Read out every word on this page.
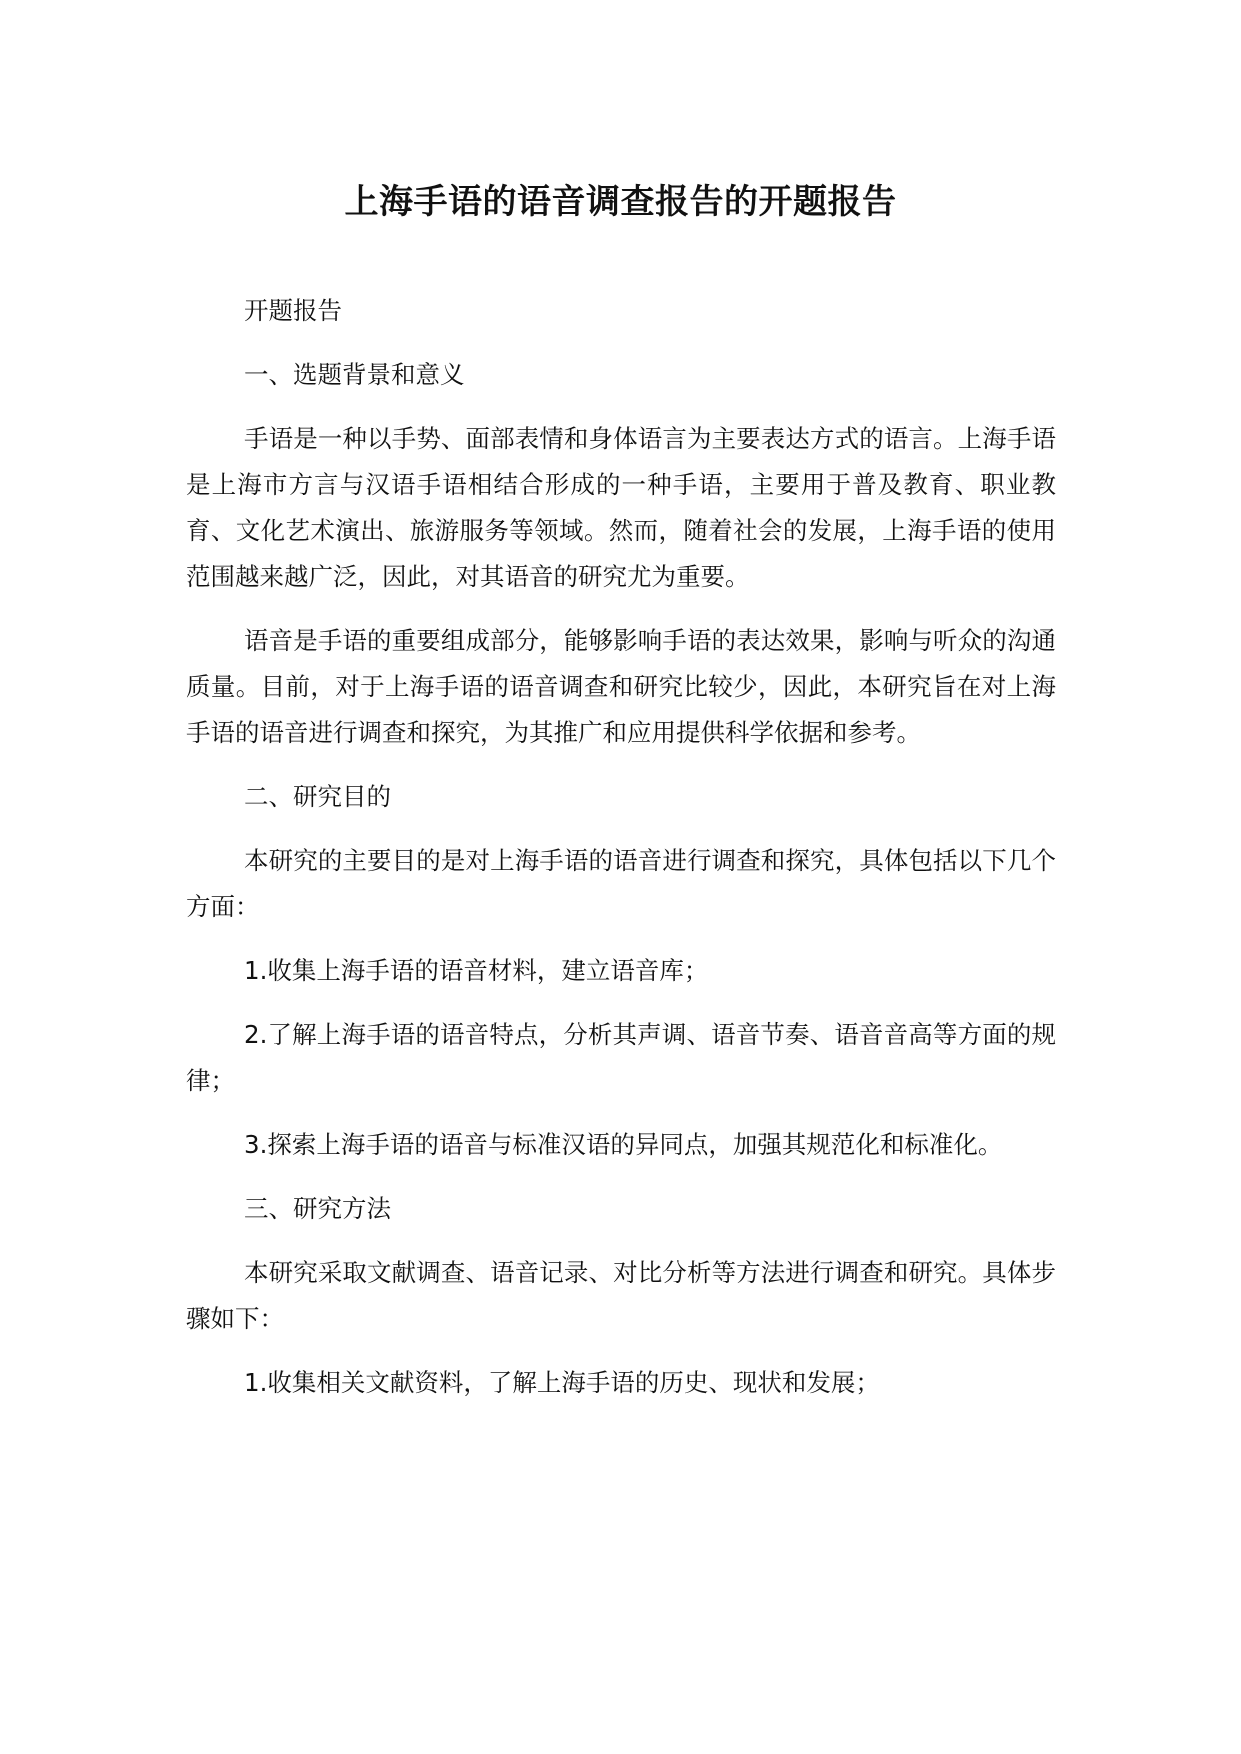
上海手语的语音调查报告的开题报告

开题报告

一、选题背景和意义

手语是一种以手势、面部表情和身体语言为主要表达方式的语言。上海手语是上海市方言与汉语手语相结合形成的一种手语，主要用于普及教育、职业教育、文化艺术演出、旅游服务等领域。然而，随着社会的发展，上海手语的使用范围越来越广泛，因此，对其语音的研究尤为重要。

语音是手语的重要组成部分，能够影响手语的表达效果，影响与听众的沟通质量。目前，对于上海手语的语音调查和研究比较少，因此，本研究旨在对上海手语的语音进行调查和探究，为其推广和应用提供科学依据和参考。

二、研究目的

本研究的主要目的是对上海手语的语音进行调查和探究，具体包括以下几个方面：

1.收集上海手语的语音材料，建立语音库；

2.了解上海手语的语音特点，分析其声调、语音节奏、语音音高等方面的规律；

3.探索上海手语的语音与标准汉语的异同点，加强其规范化和标准化。

三、研究方法

本研究采取文献调查、语音记录、对比分析等方法进行调查和研究。具体步骤如下：

1.收集相关文献资料，了解上海手语的历史、现状和发展；
